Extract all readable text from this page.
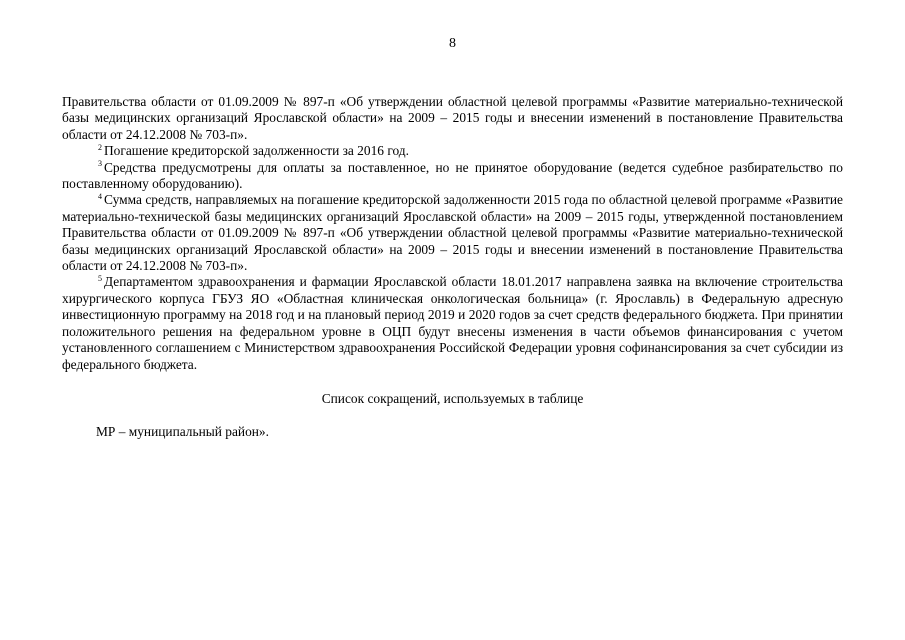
8

Правительства области от 01.09.2009 № 897-п «Об утверждении областной целевой программы «Развитие материально-технической базы медицинских организаций Ярославской области» на 2009 – 2015 годы и внесении изменений в постановление Правительства области от 24.12.2008 № 703-п».

$^2$ Погашение кредиторской задолженности за 2016 год.

$^3$ Средства предусмотрены для оплаты за поставленное, но не принятое оборудование (ведется судебное разбирательство по поставленному оборудованию).

$^4$ Сумма средств, направляемых на погашение кредиторской задолженности 2015 года по областной целевой программе «Развитие материально-технической базы медицинских организаций Ярославской области» на 2009 – 2015 годы, утвержденной постановлением Правительства области от 01.09.2009 № 897-п «Об утверждении областной целевой программы «Развитие материально-технической базы медицинских организаций Ярославской области» на 2009 – 2015 годы и внесении изменений в постановление Правительства области от 24.12.2008 № 703-п».

$^5$ Департаментом здравоохранения и фармации Ярославской области 18.01.2017 направлена заявка на включение строительства хирургического корпуса ГБУЗ ЯО «Областная клиническая онкологическая больница» (г. Ярославль) в Федеральную адресную инвестиционную программу на 2018 год и на плановый период 2019 и 2020 годов за счет средств федерального бюджета. При принятии положительного решения на федеральном уровне в ОЦП будут внесены изменения в части объемов финансирования с учетом установленного соглашением с Министерством здравоохранения Российской Федерации уровня софинансирования за счет субсидии из федерального бюджета.

Список сокращений, используемых в таблице

МР – муниципальный район».
